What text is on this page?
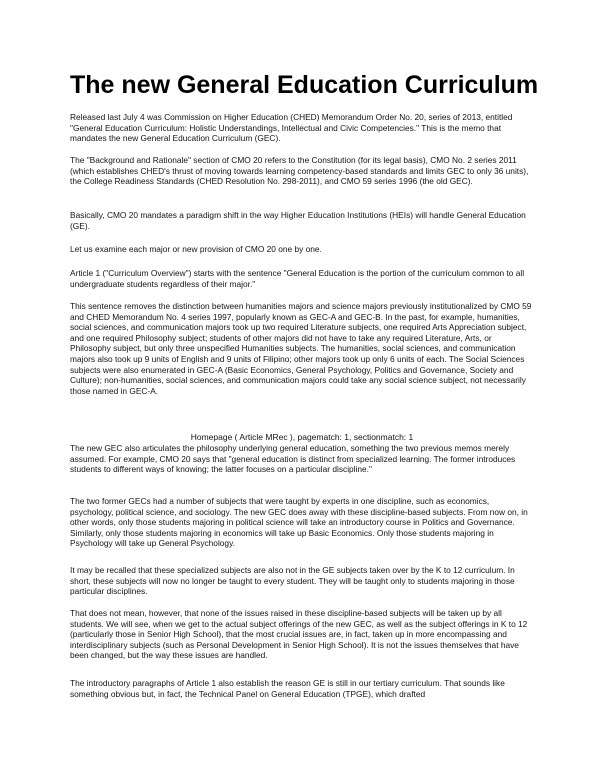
The new General Education Curriculum

Released last July 4 was Commission on Higher Education (CHED) Memorandum Order No. 20, series of 2013, entitled "General Education Curriculum: Holistic Understandings, Intellectual and Civic Competencies." This is the memo that mandates the new General Education Curriculum (GEC).

The "Background and Rationale" section of CMO 20 refers to the Constitution (for its legal basis), CMO No. 2 series 2011 (which establishes CHED's thrust of moving towards learning competency-based standards and limits GEC to only 36 units), the College Readiness Standards (CHED Resolution No. 298-2011), and CMO 59 series 1996 (the old GEC).

Basically, CMO 20 mandates a paradigm shift in the way Higher Education Institutions (HEIs) will handle General Education (GE).

Let us examine each major or new provision of CMO 20 one by one.

Article 1 ("Curriculum Overview") starts with the sentence "General Education is the portion of the curriculum common to all undergraduate students regardless of their major."

This sentence removes the distinction between humanities majors and science majors previously institutionalized by CMO 59 and CHED Memorandum No. 4 series 1997, popularly known as GEC-A and GEC-B. In the past, for example, humanities, social sciences, and communication majors took up two required Literature subjects, one required Arts Appreciation subject, and one required Philosophy subject; students of other majors did not have to take any required Literature, Arts, or Philosophy subject, but only three unspecified Humanities subjects. The humanities, social sciences, and communication majors also took up 9 units of English and 9 units of Filipino; other majors took up only 6 units of each. The Social Sciences subjects were also enumerated in GEC-A (Basic Economics, General Psychology, Politics and Governance, Society and Culture); non-humanities, social sciences, and communication majors could take any social science subject, not necessarily those named in GEC-A.

Homepage ( Article MRec ), pagematch: 1, sectionmatch: 1

The new GEC also articulates the philosophy underlying general education, something the two previous memos merely assumed. For example, CMO 20 says that "general education is distinct from specialized learning. The former introduces students to different ways of knowing; the latter focuses on a particular discipline."

The two former GECs had a number of subjects that were taught by experts in one discipline, such as economics, psychology, political science, and sociology. The new GEC does away with these discipline-based subjects. From now on, in other words, only those students majoring in political science will take an introductory course in Politics and Governance. Similarly, only those students majoring in economics will take up Basic Economics. Only those students majoring in Psychology will take up General Psychology.

It may be recalled that these specialized subjects are also not in the GE subjects taken over by the K to 12 curriculum. In short, these subjects will now no longer be taught to every student. They will be taught only to students majoring in those particular disciplines.

That does not mean, however, that none of the issues raised in these discipline-based subjects will be taken up by all students. We will see, when we get to the actual subject offerings of the new GEC, as well as the subject offerings in K to 12 (particularly those in Senior High School), that the most crucial issues are, in fact, taken up in more encompassing and interdisciplinary subjects (such as Personal Development in Senior High School). It is not the issues themselves that have been changed, but the way these issues are handled.

The introductory paragraphs of Article 1 also establish the reason GE is still in our tertiary curriculum. That sounds like something obvious but, in fact, the Technical Panel on General Education (TPGE), which drafted
